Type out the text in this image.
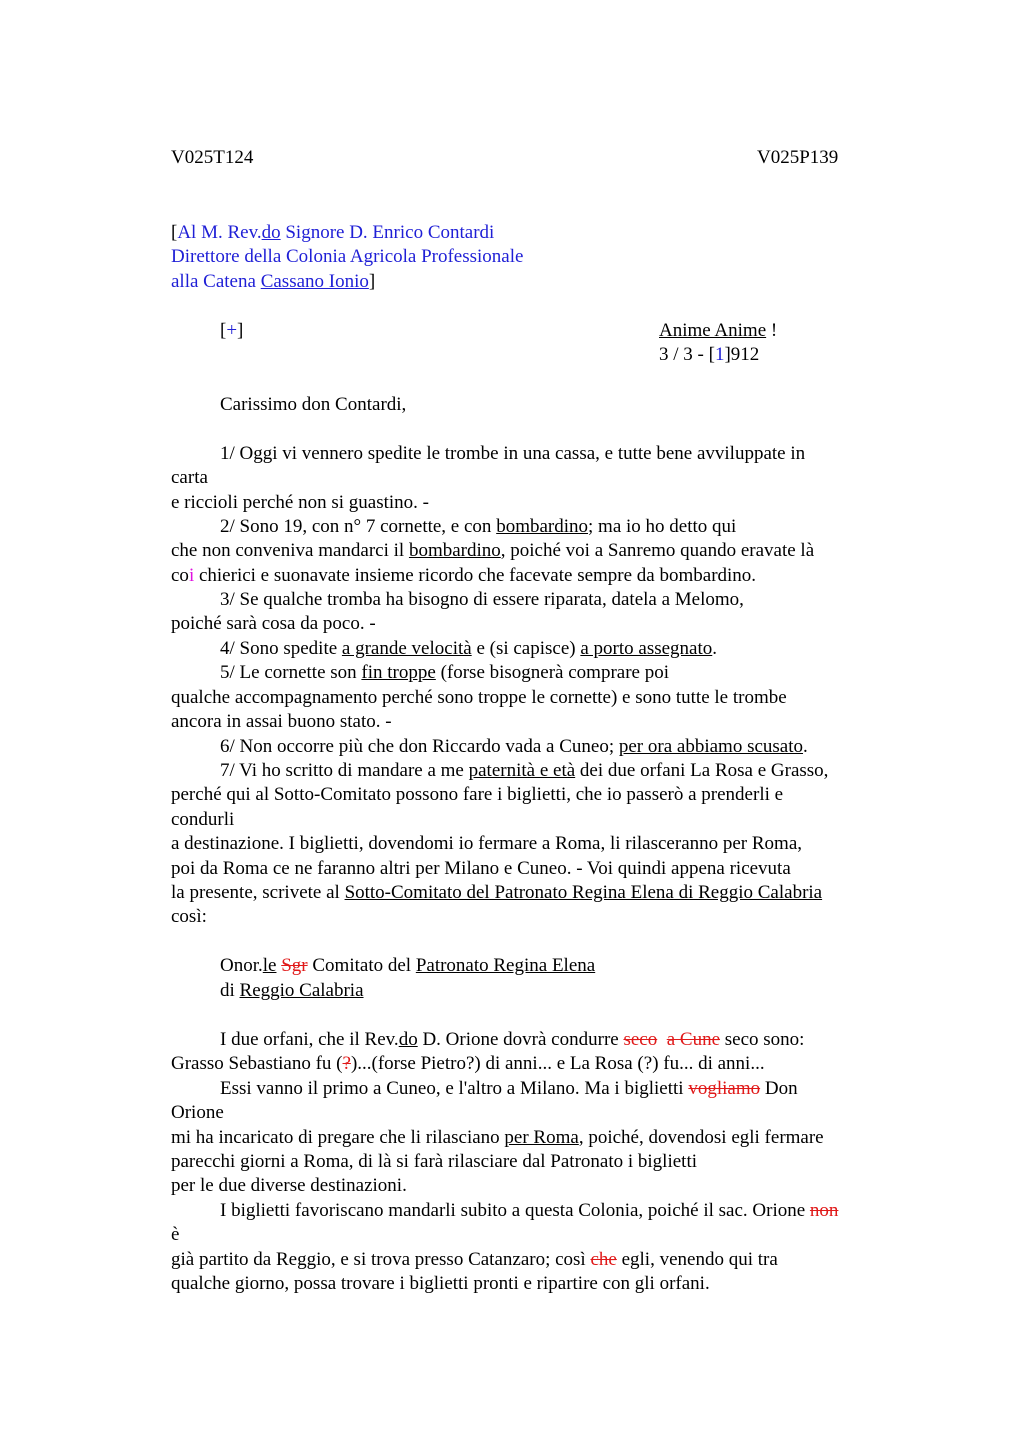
V025T124	V025P139
[Al M. Rev.do Signore D. Enrico Contardi
Direttore della Colonia Agricola Professionale
alla Catena Cassano Ionio]
[+]	Anime Anime !
3 / 3 - [1]912
Carissimo don Contardi,
1/ Oggi vi vennero spedite le trombe in una cassa, e tutte bene avviluppate in
carta
e riccioli perché non si guastino. -
2/ Sono 19, con n° 7 cornette, e con bombardino; ma io ho detto qui
che non conveniva mandarci il bombardino, poiché voi a Sanremo quando eravate là
coi chierici e suonavate insieme ricordo che facevate sempre da bombardino.
3/ Se qualche tromba ha bisogno di essere riparata, datela a Melomo,
poiché sarà cosa da poco. -
4/ Sono spedite a grande velocità e (si capisce) a porto assegnato.
5/ Le cornette son fin troppe (forse bisognerà comprare poi
qualche accompagnamento perché sono troppe le cornette) e sono tutte le trombe
ancora in assai buono stato. -
6/ Non occorre più che don Riccardo vada a Cuneo; per ora abbiamo scusato.
7/ Vi ho scritto di mandare a me paternità e età dei due orfani La Rosa e Grasso,
perché qui al Sotto-Comitato possono fare i biglietti, che io passerò a prenderli e
condurli
a destinazione. I biglietti, dovendomi io fermare a Roma, li rilasceranno per Roma,
poi da Roma ce ne faranno altri per Milano e Cuneo. - Voi quindi appena ricevuta
la presente, scrivete al Sotto-Comitato del Patronato Regina Elena di Reggio Calabria
così:
Onor.le Sgr Comitato del Patronato Regina Elena
di Reggio Calabria
I due orfani, che il Rev.do D. Orione dovrà condurre seco a Cune seco sono:
Grasso Sebastiano fu (?)...(forse Pietro?) di anni... e La Rosa (?) fu... di anni...
Essi vanno il primo a Cuneo, e l'altro a Milano. Ma i biglietti vogliamo Don
Orione
mi ha incaricato di pregare che li rilasciano per Roma, poiché, dovendosi egli fermare
parecchi giorni a Roma, di là si farà rilasciare dal Patronato i biglietti
per le due diverse destinazioni.
I biglietti favoriscano mandarli subito a questa Colonia, poiché il sac. Orione non
è
già partito da Reggio, e si trova presso Catanzaro; così che egli, venendo qui tra
qualche giorno, possa trovare i biglietti pronti e ripartire con gli orfani.
